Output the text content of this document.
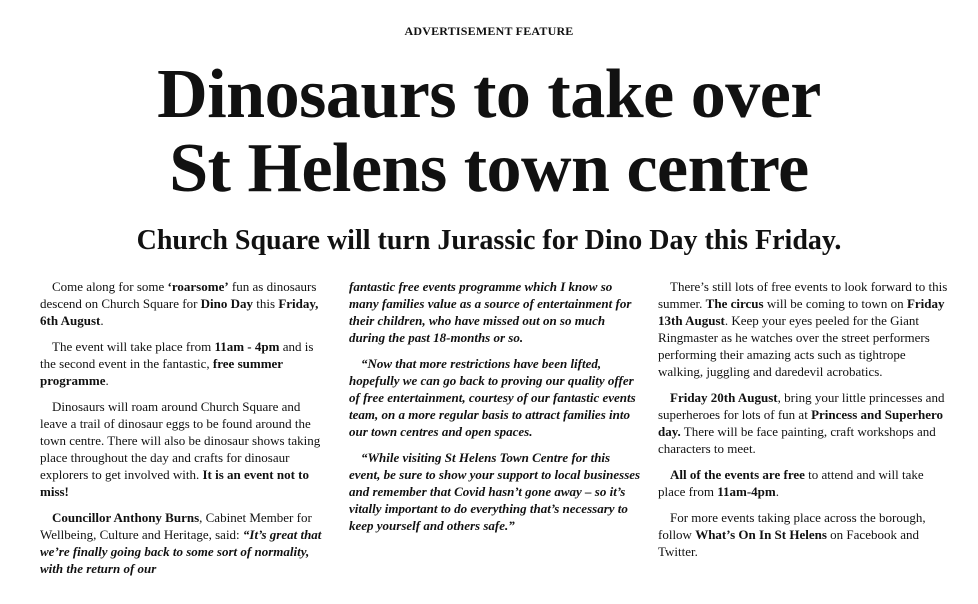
ADVERTISEMENT FEATURE
Dinosaurs to take over
St Helens town centre
Church Square will turn Jurassic for Dino Day this Friday.

Come along for some ‘roarsome’ fun as dinosaurs descend on Church Square for Dino Day this Friday, 6th August.

The event will take place from 11am - 4pm and is the second event in the fantastic, free summer programme.

Dinosaurs will roam around Church Square and leave a trail of dinosaur eggs to be found around the town centre. There will also be dinosaur shows taking place throughout the day and crafts for dinosaur explorers to get involved with. It is an event not to miss!

Councillor Anthony Burns, Cabinet Member for Wellbeing, Culture and Heritage, said: “It’s great that we’re finally going back to some sort of normality, with the return of our

fantastic free events programme which I know so many families value as a source of entertainment for their children, who have missed out on so much during the past 18-months or so.

“Now that more restrictions have been lifted, hopefully we can go back to proving our quality offer of free entertainment, courtesy of our fantastic events team, on a more regular basis to attract families into our town centres and open spaces.

“While visiting St Helens Town Centre for this event, be sure to show your support to local businesses and remember that Covid hasn’t gone away – so it’s vitally important to do everything that’s necessary to keep yourself and others safe.”

There’s still lots of free events to look forward to this summer. The circus will be coming to town on Friday 13th August. Keep your eyes peeled for the Giant Ringmaster as he watches over the street performers performing their amazing acts such as tightrope walking, juggling and daredevil acrobatics.

Friday 20th August, bring your little princesses and superheroes for lots of fun at Princess and Superhero day. There will be face painting, craft workshops and characters to meet.

All of the events are free to attend and will take place from 11am-4pm.

For more events taking place across the borough, follow What’s On In St Helens on Facebook and Twitter.
